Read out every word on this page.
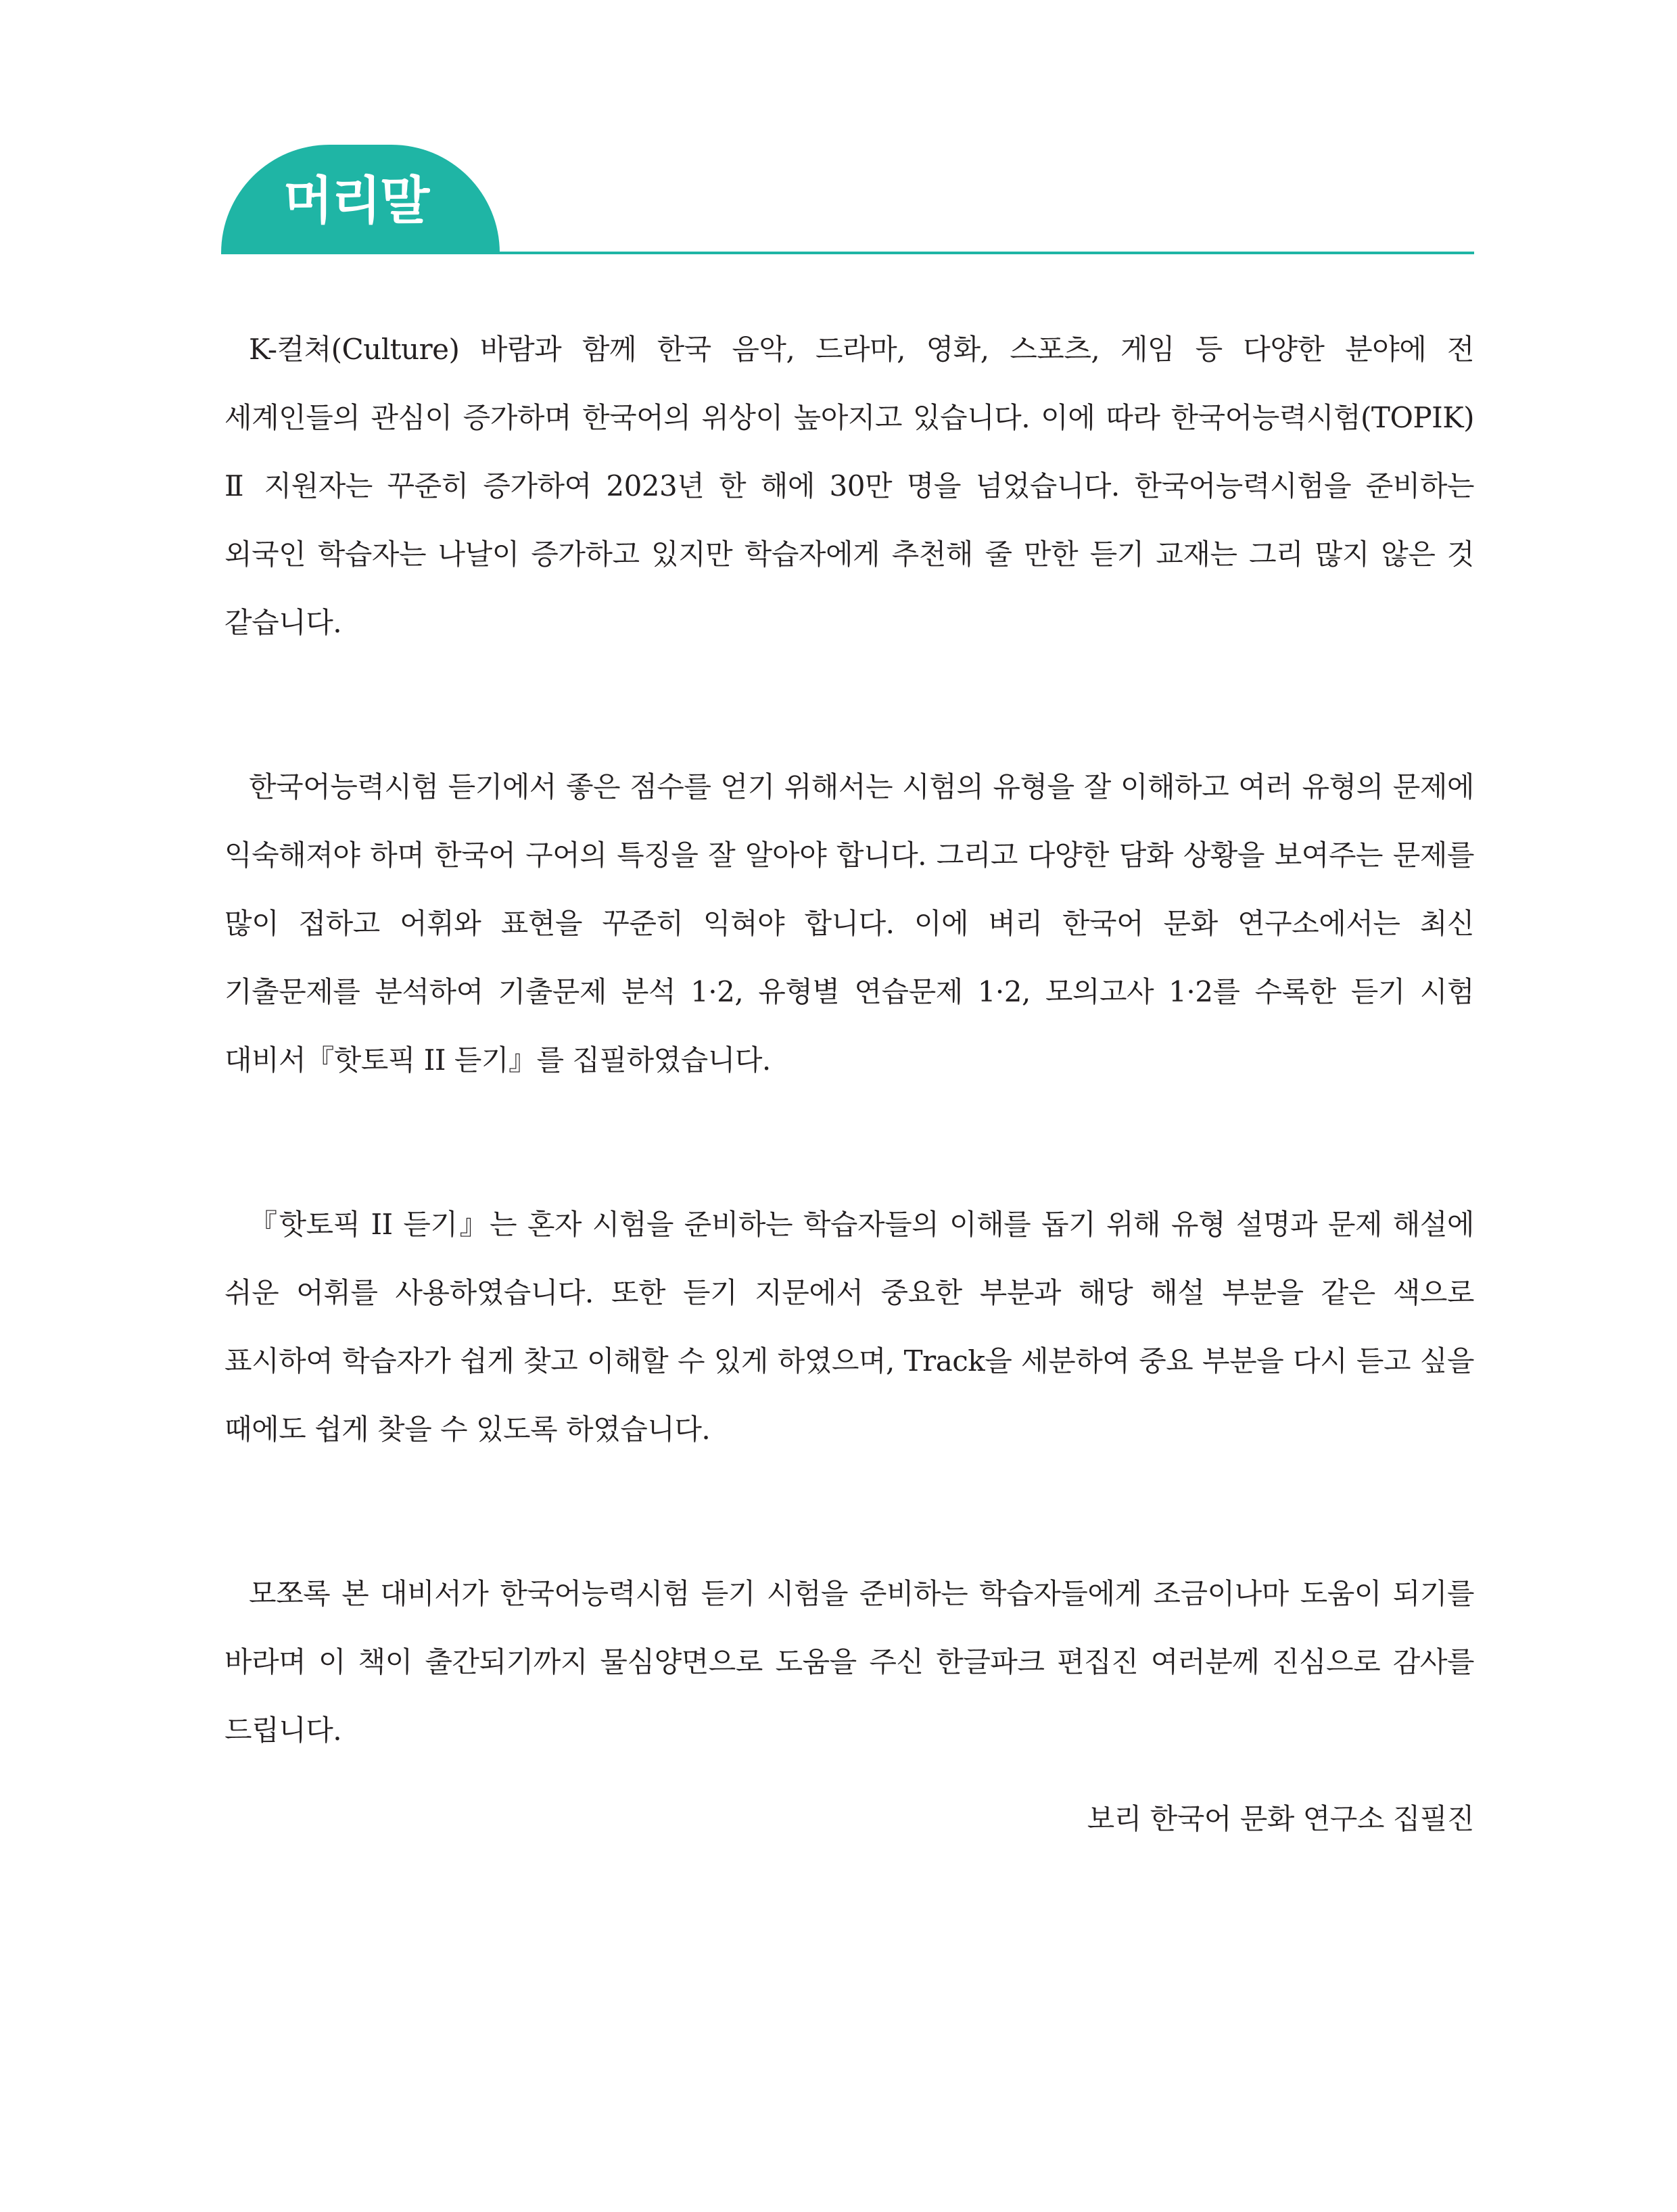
머리말

K-컬쳐(Culture) 바람과 함께 한국 음악, 드라마, 영화, 스포츠, 게임 등 다양한 분야에 전 세계인들의 관심이 증가하며 한국어의 위상이 높아지고 있습니다. 이에 따라 한국어능력시험(TOPIK) Ⅱ 지원자는 꾸준히 증가하여 2023년 한 해에 30만 명을 넘었습니다. 한국어능력시험을 준비하는 외국인 학습자는 나날이 증가하고 있지만 학습자에게 추천해 줄 만한 듣기 교재는 그리 많지 않은 것 같습니다.

한국어능력시험 듣기에서 좋은 점수를 얻기 위해서는 시험의 유형을 잘 이해하고 여러 유형의 문제에 익숙해져야 하며 한국어 구어의 특징을 잘 알아야 합니다. 그리고 다양한 담화 상황을 보여주는 문제를 많이 접하고 어휘와 표현을 꾸준히 익혀야 합니다. 이에 벼리 한국어 문화 연구소에서는 최신 기출문제를 분석하여 기출문제 분석 1·2, 유형별 연습문제 1·2, 모의고사 1·2를 수록한 듣기 시험 대비서『핫토픽 II 듣기』를 집필하였습니다.

『핫토픽 II 듣기』는 혼자 시험을 준비하는 학습자들의 이해를 돕기 위해 유형 설명과 문제 해설에 쉬운 어휘를 사용하였습니다. 또한 듣기 지문에서 중요한 부분과 해당 해설 부분을 같은 색으로 표시하여 학습자가 쉽게 찾고 이해할 수 있게 하였으며, Track을 세분하여 중요 부분을 다시 듣고 싶을 때에도 쉽게 찾을 수 있도록 하였습니다.

모쪼록 본 대비서가 한국어능력시험 듣기 시험을 준비하는 학습자들에게 조금이나마 도움이 되기를 바라며 이 책이 출간되기까지 물심양면으로 도움을 주신 한글파크 편집진 여러분께 진심으로 감사를 드립니다.

보리 한국어 문화 연구소 집필진
